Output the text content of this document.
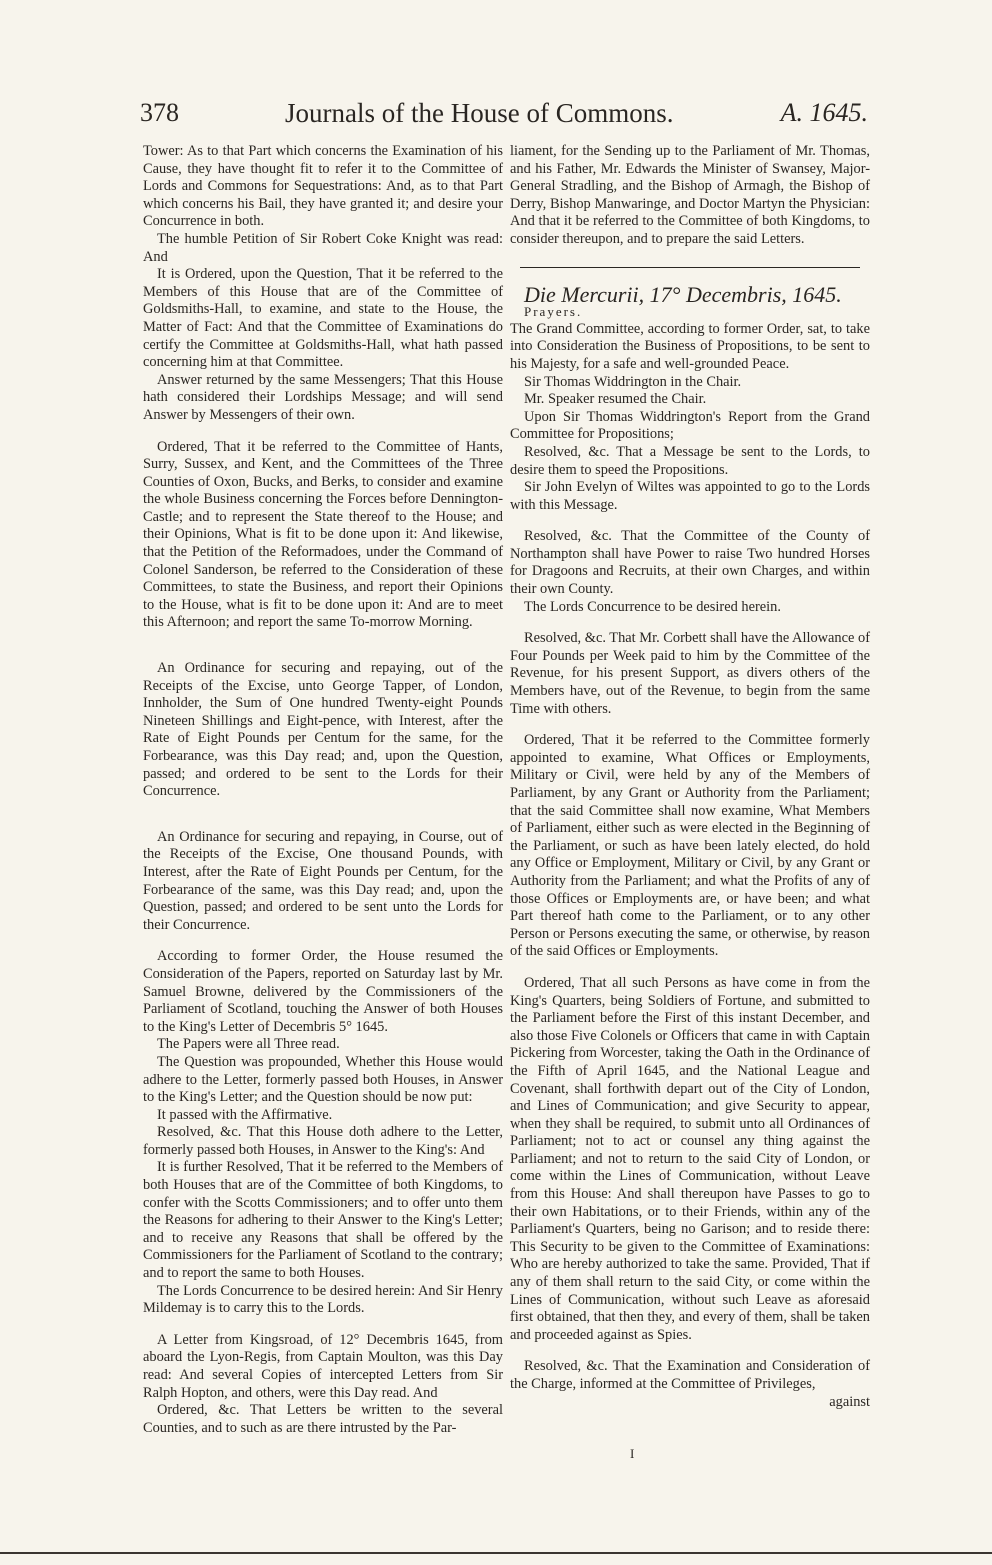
378	Journals of the House of Commons.	A. 1645.

Tower: As to that Part which concerns the Examination of his Cause, they have thought fit to refer it to the Committee of Lords and Commons for Sequestrations: And, as to that Part which concerns his Bail, they have granted it; and desire your Concurrence in both.

The humble Petition of Sir Robert Coke Knight was read: And

It is Ordered, upon the Question, That it be referred to the Members of this House that are of the Committee of Goldsmiths-Hall, to examine, and state to the House, the Matter of Fact: And that the Committee of Examinations do certify the Committee at Goldsmiths-Hall, what hath passed concerning him at that Committee.

Answer returned by the same Messengers; That this House hath considered their Lordships Message; and will send Answer by Messengers of their own.

Ordered, That it be referred to the Committee of Hants, Surry, Sussex, and Kent, and the Committees of the Three Counties of Oxon, Bucks, and Berks, to consider and examine the whole Business concerning the Forces before Dennington-Castle; and to represent the State thereof to the House; and their Opinions, What is fit to be done upon it: And likewise, that the Petition of the Reformadoes, under the Command of Colonel Sanderson, be referred to the Consideration of these Committees, to state the Business, and report their Opinions to the House, what is fit to be done upon it: And are to meet this Afternoon; and report the same To-morrow Morning.

An Ordinance for securing and repaying, out of the Receipts of the Excise, unto George Tapper, of London, Innholder, the Sum of One hundred Twenty-eight Pounds Nineteen Shillings and Eight-pence, with Interest, after the Rate of Eight Pounds per Centum for the same, for the Forbearance, was this Day read; and, upon the Question, passed; and ordered to be sent to the Lords for their Concurrence.

An Ordinance for securing and repaying, in Course, out of the Receipts of the Excise, One thousand Pounds, with Interest, after the Rate of Eight Pounds per Centum, for the Forbearance of the same, was this Day read; and, upon the Question, passed; and ordered to be sent unto the Lords for their Concurrence.

According to former Order, the House resumed the Consideration of the Papers, reported on Saturday last by Mr. Samuel Browne, delivered by the Commissioners of the Parliament of Scotland, touching the Answer of both Houses to the King's Letter of Decembris 5° 1645.

The Papers were all Three read.

The Question was propounded, Whether this House would adhere to the Letter, formerly passed both Houses, in Answer to the King's Letter; and the Question should be now put:

It passed with the Affirmative.

Resolved, &c. That this House doth adhere to the Letter, formerly passed both Houses, in Answer to the King's: And

It is further Resolved, That it be referred to the Members of both Houses that are of the Committee of both Kingdoms, to confer with the Scotts Commissioners; and to offer unto them the Reasons for adhering to their Answer to the King's Letter; and to receive any Reasons that shall be offered by the Commissioners for the Parliament of Scotland to the contrary; and to report the same to both Houses.

The Lords Concurrence to be desired herein: And Sir Henry Mildemay is to carry this to the Lords.

A Letter from Kingsroad, of 12° Decembris 1645, from aboard the Lyon-Regis, from Captain Moulton, was this Day read: And several Copies of intercepted Letters from Sir Ralph Hopton, and others, were this Day read. And

Ordered, &c. That Letters be written to the several Counties, and to such as are there intrusted by the Par-

liament, for the Sending up to the Parliament of Mr. Thomas, and his Father, Mr. Edwards the Minister of Swansey, Major-General Stradling, and the Bishop of Armagh, the Bishop of Derry, Bishop Manwaringe, and Doctor Martyn the Physician: And that it be referred to the Committee of both Kingdoms, to consider thereupon, and to prepare the said Letters.

Die Mercurii, 17° Decembris, 1645.

Prayers.

The Grand Committee, according to former Order, sat, to take into Consideration the Business of Propositions, to be sent to his Majesty, for a safe and well-grounded Peace.

Sir Thomas Widdrington in the Chair.

Mr. Speaker resumed the Chair.

Upon Sir Thomas Widdrington's Report from the Grand Committee for Propositions;

Resolved, &c. That a Message be sent to the Lords, to desire them to speed the Propositions.

Sir John Evelyn of Wiltes was appointed to go to the Lords with this Message.

Resolved, &c. That the Committee of the County of Northampton shall have Power to raise Two hundred Horses for Dragoons and Recruits, at their own Charges, and within their own County.

The Lords Concurrence to be desired herein.

Resolved, &c. That Mr. Corbett shall have the Allowance of Four Pounds per Week paid to him by the Committee of the Revenue, for his present Support, as divers others of the Members have, out of the Revenue, to begin from the same Time with others.

Ordered, That it be referred to the Committee formerly appointed to examine, What Offices or Employments, Military or Civil, were held by any of the Members of Parliament, by any Grant or Authority from the Parliament; that the said Committee shall now examine, What Members of Parliament, either such as were elected in the Beginning of the Parliament, or such as have been lately elected, do hold any Office or Employment, Military or Civil, by any Grant or Authority from the Parliament; and what the Profits of any of those Offices or Employments are, or have been; and what Part thereof hath come to the Parliament, or to any other Person or Persons executing the same, or otherwise, by reason of the said Offices or Employments.

Ordered, That all such Persons as have come in from the King's Quarters, being Soldiers of Fortune, and submitted to the Parliament before the First of this instant December, and also those Five Colonels or Officers that came in with Captain Pickering from Worcester, taking the Oath in the Ordinance of the Fifth of April 1645, and the National League and Covenant, shall forthwith depart out of the City of London, and Lines of Communication; and give Security to appear, when they shall be required, to submit unto all Ordinances of Parliament; not to act or counsel any thing against the Parliament; and not to return to the said City of London, or come within the Lines of Communication, without Leave from this House: And shall thereupon have Passes to go to their own Habitations, or to their Friends, within any of the Parliament's Quarters, being no Garison; and to reside there: This Security to be given to the Committee of Examinations: Who are hereby authorized to take the same. Provided, That if any of them shall return to the said City, or come within the Lines of Communication, without such Leave as aforesaid first obtained, that then they, and every of them, shall be taken and proceeded against as Spies.

Resolved, &c. That the Examination and Consideration of the Charge, informed at the Committee of Privileges,

against

I
